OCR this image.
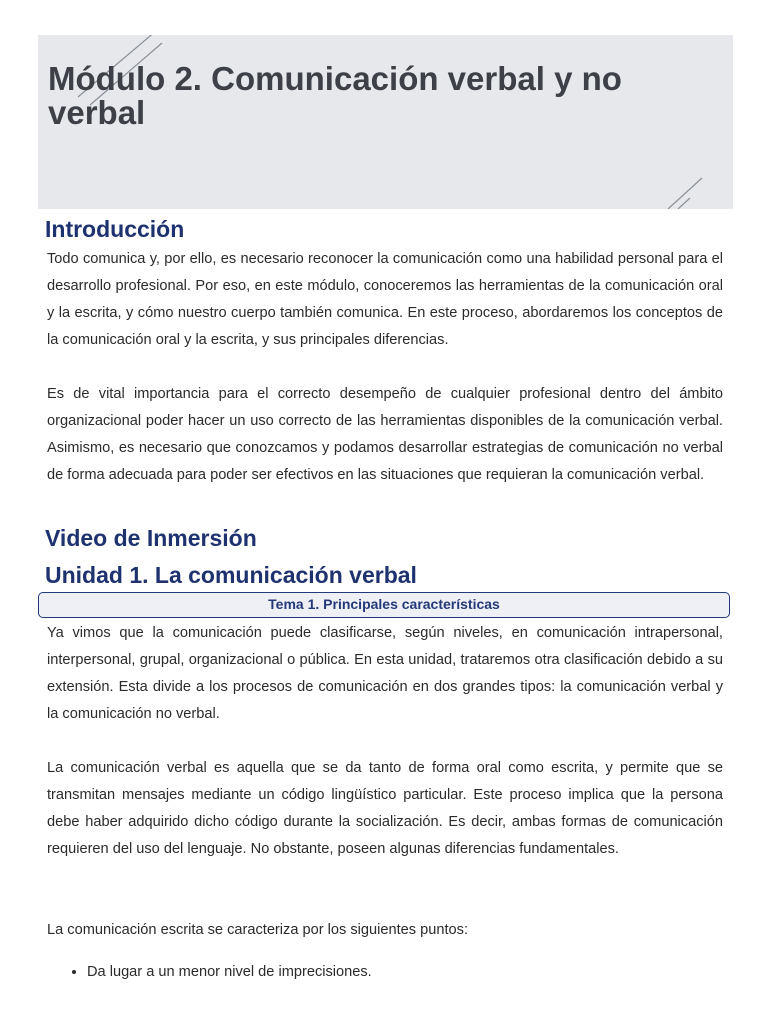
Módulo 2. Comunicación verbal y no verbal
Introducción

Todo comunica y, por ello, es necesario reconocer la comunicación como una habilidad personal para el desarrollo profesional. Por eso, en este módulo, conoceremos las herramientas de la comunicación oral y la escrita, y cómo nuestro cuerpo también comunica. En este proceso, abordaremos los conceptos de la comunicación oral y la escrita, y sus principales diferencias.

Es de vital importancia para el correcto desempeño de cualquier profesional dentro del ámbito organizacional poder hacer un uso correcto de las herramientas disponibles de la comunicación verbal. Asimismo, es necesario que conozcamos y podamos desarrollar estrategias de comunicación no verbal de forma adecuada para poder ser efectivos en las situaciones que requieran la comunicación verbal.

Video de Inmersión
Unidad 1. La comunicación verbal
Tema 1. Principales características

Ya vimos que la comunicación puede clasificarse, según niveles, en comunicación intrapersonal, interpersonal, grupal, organizacional o pública. En esta unidad, trataremos otra clasificación debido a su extensión. Esta divide a los procesos de comunicación en dos grandes tipos: la comunicación verbal y la comunicación no verbal.

La comunicación verbal es aquella que se da tanto de forma oral como escrita, y permite que se transmitan mensajes mediante un código lingüístico particular. Este proceso implica que la persona debe haber adquirido dicho código durante la socialización. Es decir, ambas formas de comunicación requieren del uso del lenguaje. No obstante, poseen algunas diferencias fundamentales.

La comunicación escrita se caracteriza por los siguientes puntos:

• Da lugar a un menor nivel de imprecisiones.
